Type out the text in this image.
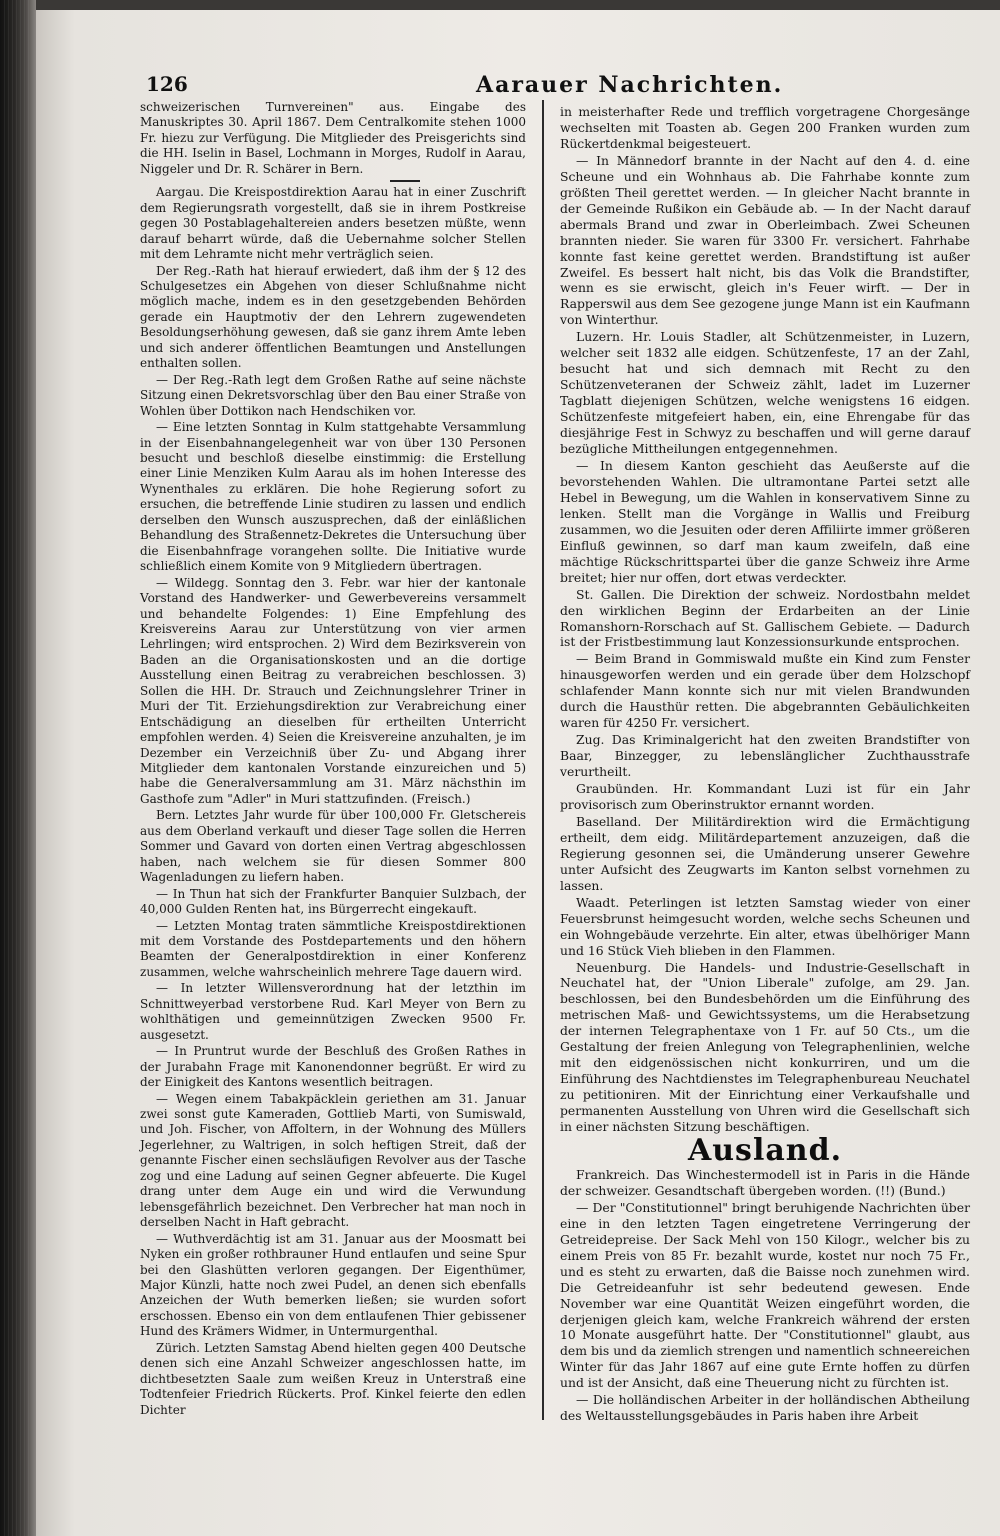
126	Aarauer Nachrichten.

schweizerischen Turnvereinen" aus. Eingabe des Manuskriptes 30. April 1867. Dem Centralkomite stehen 1000 Fr. hiezu zur Verfügung. Die Mitglieder des Preisgerichts sind die HH. Iselin in Basel, Lochmann in Morges, Rudolf in Aarau, Niggeler und Dr. R. Schärer in Bern.

Aargau. Die Kreispostdirektion Aarau hat in einer Zuschrift dem Regierungsrath vorgestellt, daß sie in ihrem Postkreise gegen 30 Postablagehaltereien anders besetzen müßte, wenn darauf beharrt würde, daß die Uebernahme solcher Stellen mit dem Lehramte nicht mehr verträglich seien.

Der Reg.-Rath hat hierauf erwiedert, daß ihm der § 12 des Schulgesetzes ein Abgehen von dieser Schlußnahme nicht möglich mache, indem es in den gesetzgebenden Behörden gerade ein Hauptmotiv der den Lehrern zugewendeten Besoldungserhöhung gewesen, daß sie ganz ihrem Amte leben und sich anderer öffentlichen Beamtungen und Anstellungen enthalten sollen.

— Der Reg.-Rath legt dem Großen Rathe auf seine nächste Sitzung einen Dekretsvorschlag über den Bau einer Straße von Wohlen über Dottikon nach Hendschiken vor.

— Eine letzten Sonntag in Kulm stattgehabte Versammlung in der Eisenbahnangelegenheit war von über 130 Personen besucht und beschloß dieselbe einstimmig: die Erstellung einer Linie Menziken Kulm Aarau als im hohen Interesse des Wynenthales zu erklären. Die hohe Regierung sofort zu ersuchen, die betreffende Linie studiren zu lassen und endlich derselben den Wunsch auszusprechen, daß der einläßlichen Behandlung des Straßennetz-Dekretes die Untersuchung über die Eisenbahnfrage vorangehen sollte. Die Initiative wurde schließlich einem Komite von 9 Mitgliedern übertragen.

— Wildegg. Sonntag den 3. Febr. war hier der kantonale Vorstand des Handwerker- und Gewerbevereins versammelt und behandelte Folgendes: 1) Eine Empfehlung des Kreisvereins Aarau zur Unterstützung von vier armen Lehrlingen; wird entsprochen. 2) Wird dem Bezirksverein von Baden an die Organisationskosten und an die dortige Ausstellung einen Beitrag zu verabreichen beschlossen. 3) Sollen die HH. Dr. Strauch und Zeichnungslehrer Triner in Muri der Tit. Erziehungsdirektion zur Verabreichung einer Entschädigung an dieselben für ertheilten Unterricht empfohlen werden. 4) Seien die Kreisvereine anzuhalten, je im Dezember ein Verzeichniß über Zu- und Abgang ihrer Mitglieder dem kantonalen Vorstande einzureichen und 5) habe die Generalversammlung am 31. März nächsthin im Gasthofe zum "Adler" in Muri stattzufinden. (Freisch.)

Bern. Letztes Jahr wurde für über 100,000 Fr. Gletschereis aus dem Oberland verkauft und dieser Tage sollen die Herren Sommer und Gavard von dorten einen Vertrag abgeschlossen haben, nach welchem sie für diesen Sommer 800 Wagenladungen zu liefern haben.

— In Thun hat sich der Frankfurter Banquier Sulzbach, der 40,000 Gulden Renten hat, ins Bürgerrecht eingekauft.

— Letzten Montag traten sämmtliche Kreispostdirektionen mit dem Vorstande des Postdepartements und den höhern Beamten der Generalpostdirektion in einer Konferenz zusammen, welche wahrscheinlich mehrere Tage dauern wird.

— In letzter Willensverordnung hat der letzthin im Schnittweyerbad verstorbene Rud. Karl Meyer von Bern zu wohlthätigen und gemeinnützigen Zwecken 9500 Fr. ausgesetzt.

— In Pruntrut wurde der Beschluß des Großen Rathes in der Jurabahn Frage mit Kanonendonner begrüßt. Er wird zu der Einigkeit des Kantons wesentlich beitragen.

— Wegen einem Tabakpäcklein geriethen am 31. Januar zwei sonst gute Kameraden, Gottlieb Marti, von Sumiswald, und Joh. Fischer, von Affoltern, in der Wohnung des Müllers Jegerlehner, zu Waltrigen, in solch heftigen Streit, daß der genannte Fischer einen sechsläufigen Revolver aus der Tasche zog und eine Ladung auf seinen Gegner abfeuerte. Die Kugel drang unter dem Auge ein und wird die Verwundung lebensgefährlich bezeichnet. Den Verbrecher hat man noch in derselben Nacht in Haft gebracht.

— Wuthverdächtig ist am 31. Januar aus der Moosmatt bei Nyken ein großer rothbrauner Hund entlaufen und seine Spur bei den Glashütten verloren gegangen. Der Eigenthümer, Major Künzli, hatte noch zwei Pudel, an denen sich ebenfalls Anzeichen der Wuth bemerken ließen; sie wurden sofort erschossen. Ebenso ein von dem entlaufenen Thier gebissener Hund des Krämers Widmer, in Untermurgenthal.

Zürich. Letzten Samstag Abend hielten gegen 400 Deutsche denen sich eine Anzahl Schweizer angeschlossen hatte, im dichtbesetzten Saale zum weißen Kreuz in Unterstraß eine Todtenfeier Friedrich Rückerts. Prof. Kinkel feierte den edlen Dichter

in meisterhafter Rede und trefflich vorgetragene Chorgesänge wechselten mit Toasten ab. Gegen 200 Franken wurden zum Rückertdenkmal beigesteuert.

— In Männedorf brannte in der Nacht auf den 4. d. eine Scheune und ein Wohnhaus ab. Die Fahrhabe konnte zum größten Theil gerettet werden. — In gleicher Nacht brannte in der Gemeinde Rußikon ein Gebäude ab. — In der Nacht darauf abermals Brand und zwar in Oberleimbach. Zwei Scheunen brannten nieder. Sie waren für 3300 Fr. versichert. Fahrhabe konnte fast keine gerettet werden. Brandstiftung ist außer Zweifel. Es bessert halt nicht, bis das Volk die Brandstifter, wenn es sie erwischt, gleich in's Feuer wirft. — Der in Rapperswil aus dem See gezogene junge Mann ist ein Kaufmann von Winterthur.

Luzern. Hr. Louis Stadler, alt Schützenmeister, in Luzern, welcher seit 1832 alle eidgen. Schützenfeste, 17 an der Zahl, besucht hat und sich demnach mit Recht zu den Schützenveteranen der Schweiz zählt, ladet im Luzerner Tagblatt diejenigen Schützen, welche wenigstens 16 eidgen. Schützenfeste mitgefeiert haben, ein, eine Ehrengabe für das diesjährige Fest in Schwyz zu beschaffen und will gerne darauf bezügliche Mittheilungen entgegennehmen.

— In diesem Kanton geschieht das Aeußerste auf die bevorstehenden Wahlen. Die ultramontane Partei setzt alle Hebel in Bewegung, um die Wahlen in konservativem Sinne zu lenken. Stellt man die Vorgänge in Wallis und Freiburg zusammen, wo die Jesuiten oder deren Affiliirte immer größeren Einfluß gewinnen, so darf man kaum zweifeln, daß eine mächtige Rückschrittspartei über die ganze Schweiz ihre Arme breitet; hier nur offen, dort etwas verdeckter.

St. Gallen. Die Direktion der schweiz. Nordostbahn meldet den wirklichen Beginn der Erdarbeiten an der Linie Romanshorn-Rorschach auf St. Gallischem Gebiete. — Dadurch ist der Fristbestimmung laut Konzessionsurkunde entsprochen.

— Beim Brand in Gommiswald mußte ein Kind zum Fenster hinausgeworfen werden und ein gerade über dem Holzschopf schlafender Mann konnte sich nur mit vielen Brandwunden durch die Hausthür retten. Die abgebrannten Gebäulichkeiten waren für 4250 Fr. versichert.

Zug. Das Kriminalgericht hat den zweiten Brandstifter von Baar, Binzegger, zu lebenslänglicher Zuchthausstrafe verurtheilt.

Graubünden. Hr. Kommandant Luzi ist für ein Jahr provisorisch zum Oberinstruktor ernannt worden.

Baselland. Der Militärdirektion wird die Ermächtigung ertheilt, dem eidg. Militärdepartement anzuzeigen, daß die Regierung gesonnen sei, die Umänderung unserer Gewehre unter Aufsicht des Zeugwarts im Kanton selbst vornehmen zu lassen.

Waadt. Peterlingen ist letzten Samstag wieder von einer Feuersbrunst heimgesucht worden, welche sechs Scheunen und ein Wohngebäude verzehrte. Ein alter, etwas übelhöriger Mann und 16 Stück Vieh blieben in den Flammen.

Neuenburg. Die Handels- und Industrie-Gesellschaft in Neuchatel hat, der "Union Liberale" zufolge, am 29. Jan. beschlossen, bei den Bundesbehörden um die Einführung des metrischen Maß- und Gewichtssystems, um die Herabsetzung der internen Telegraphentaxe von 1 Fr. auf 50 Cts., um die Gestaltung der freien Anlegung von Telegraphenlinien, welche mit den eidgenössischen nicht konkurriren, und um die Einführung des Nachtdienstes im Telegraphenbureau Neuchatel zu petitioniren. Mit der Einrichtung einer Verkaufshalle und permanenten Ausstellung von Uhren wird die Gesellschaft sich in einer nächsten Sitzung beschäftigen.

Ausland.

Frankreich. Das Winchestermodell ist in Paris in die Hände der schweizer. Gesandtschaft übergeben worden. (!!) (Bund.)

— Der "Constitutionnel" bringt beruhigende Nachrichten über eine in den letzten Tagen eingetretene Verringerung der Getreidepreise. Der Sack Mehl von 150 Kilogr., welcher bis zu einem Preis von 85 Fr. bezahlt wurde, kostet nur noch 75 Fr., und es steht zu erwarten, daß die Baisse noch zunehmen wird. Die Getreideanfuhr ist sehr bedeutend gewesen. Ende November war eine Quantität Weizen eingeführt worden, die derjenigen gleich kam, welche Frankreich während der ersten 10 Monate ausgeführt hatte. Der "Constitutionnel" glaubt, aus dem bis und da ziemlich strengen und namentlich schneereichen Winter für das Jahr 1867 auf eine gute Ernte hoffen zu dürfen und ist der Ansicht, daß eine Theuerung nicht zu fürchten ist.

— Die holländischen Arbeiter in der holländischen Abtheilung des Weltausstellungsgebäudes in Paris haben ihre Arbeit
